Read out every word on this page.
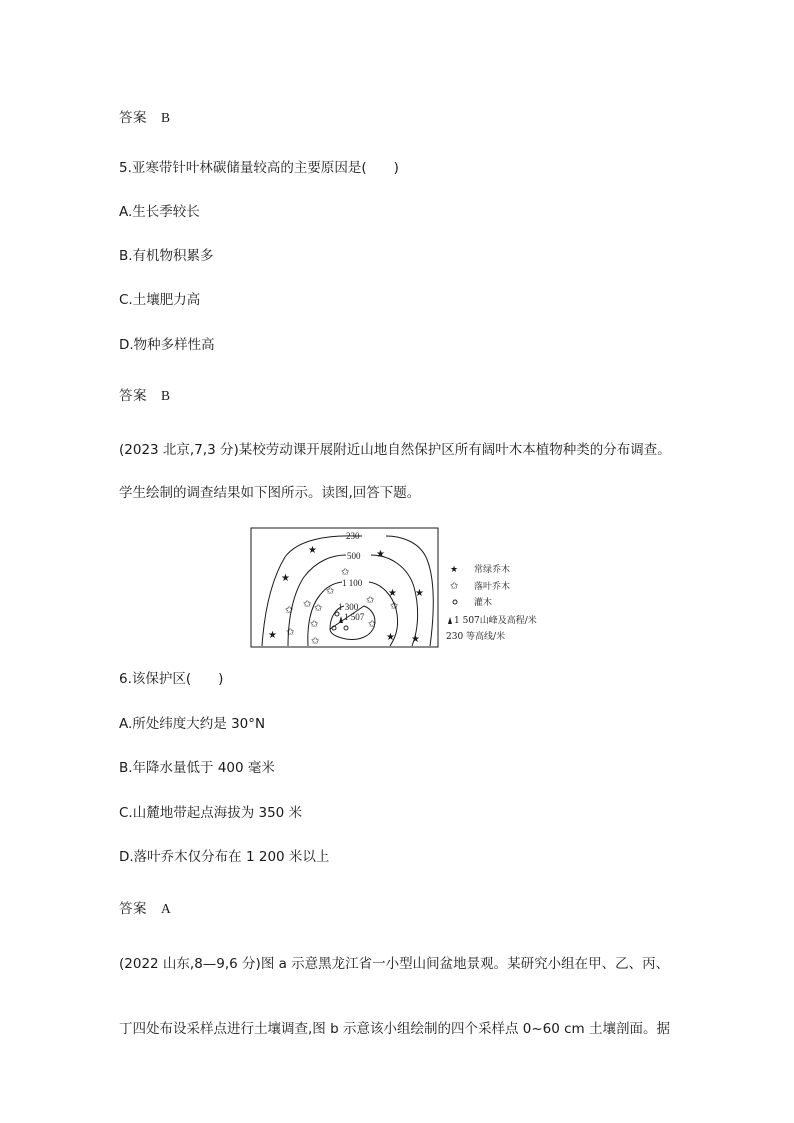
答案 B
5.亚寒带针叶林碳储量较高的主要原因是(　　)
A.生长季较长
B.有机物积累多
C.土壤肥力高
D.物种多样性高
答案 B
(2023 北京,7,3 分)某校劳动课开展附近山地自然保护区所有阔叶木本植物种类的分布调查。
学生绘制的调查结果如下图所示。读图,回答下题。
230
500
1 100
1 300
1 507
★	★
★
★
★ ★
★ ★
✩
✩
✩
✩
✩
✩
✩
✩
✩
✩
✩
★ 常绿乔木
✩ 落叶乔木
灌木
1 507山峰及高程/米
230 等高线/米
6.该保护区(　　)
A.所处纬度大约是 30°N
B.年降水量低于 400 毫米
C.山麓地带起点海拔为 350 米
D.落叶乔木仅分布在 1 200 米以上
答案 A
(2022 山东,8—9,6 分)图 a 示意黑龙江省一小型山间盆地景观。某研究小组在甲、乙、丙、
丁四处布设采样点进行土壤调查,图 b 示意该小组绘制的四个采样点 0~60 cm 土壤剖面。据
